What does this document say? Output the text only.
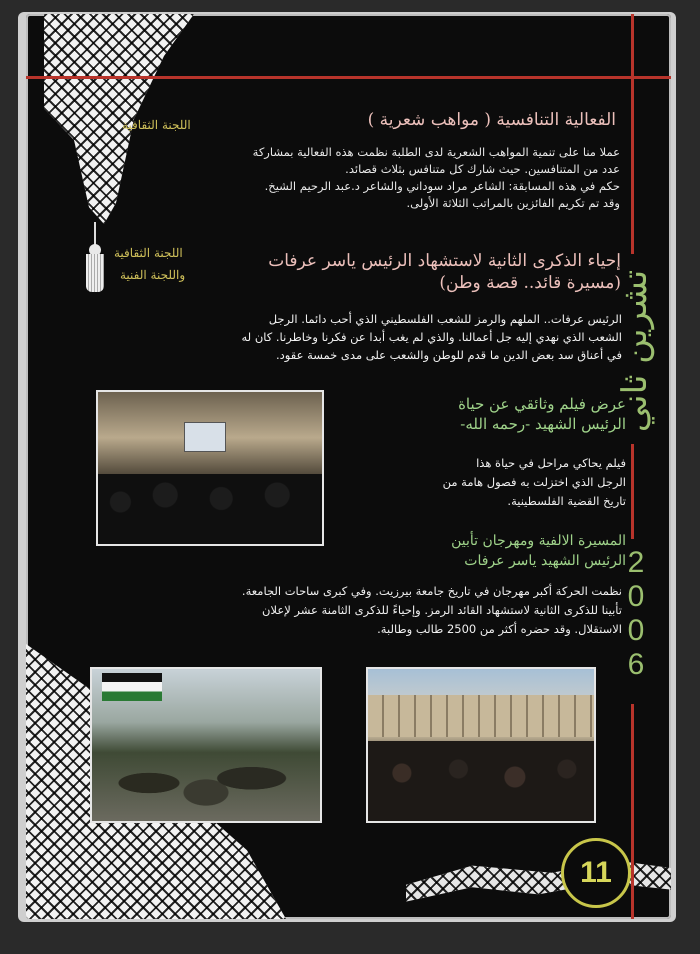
تشرين ثاني
2
0
0
6
الفعالية التنافسية ( مواهب شعرية )
اللجنة الثقافية
عملا منا على تنمية المواهب الشعرية لدى الطلبة نظمت هذه الفعالية بمشاركة
عدد من المتنافسين. حيث شارك كل متنافس بثلاث قصائد.
حكم في هذه المسابقة: الشاعر مراد سوداني والشاعر د.عبد الرحيم الشيخ.
وقد تم تكريم الفائزين بالمراتب الثلاثة الأولى.
اللجنة الثقافية
واللجنة الفنية
إحياء الذكرى الثانية لاستشهاد الرئيس ياسر عرفات
(مسيرة قائد.. قصة وطن)
الرئيس عرفات.. الملهم والرمز للشعب الفلسطيني الذي أحب دائما. الرجل
الشعب الذي نهدي إليه جل أعمالنا. والذي لم يغب أبدا عن فكرنا وخاطرنا. كان له
في أعناق سد بعض الدين ما قدم للوطن والشعب على مدى خمسة عقود.
عرض فيلم وثائقي عن حياة
الرئيس الشهيد -رحمه الله-
فيلم يحاكي مراحل في حياة هذا
الرجل الذي اختزلت به فصول هامة من
تاريخ القضية الفلسطينية.
المسيرة الالفية ومهرجان تأبين
الرئيس الشهيد ياسر عرفات
نظمت الحركة أكبر مهرجان في تاريخ جامعة بيرزيت. وفي كبرى ساحات الجامعة.
تأبينا للذكرى الثانية لاستشهاد القائد الرمز. وإحياءً للذكرى الثامنة عشر لإعلان
الاستقلال. وقد حضره أكثر من 2500 طالب وطالبة.
11
